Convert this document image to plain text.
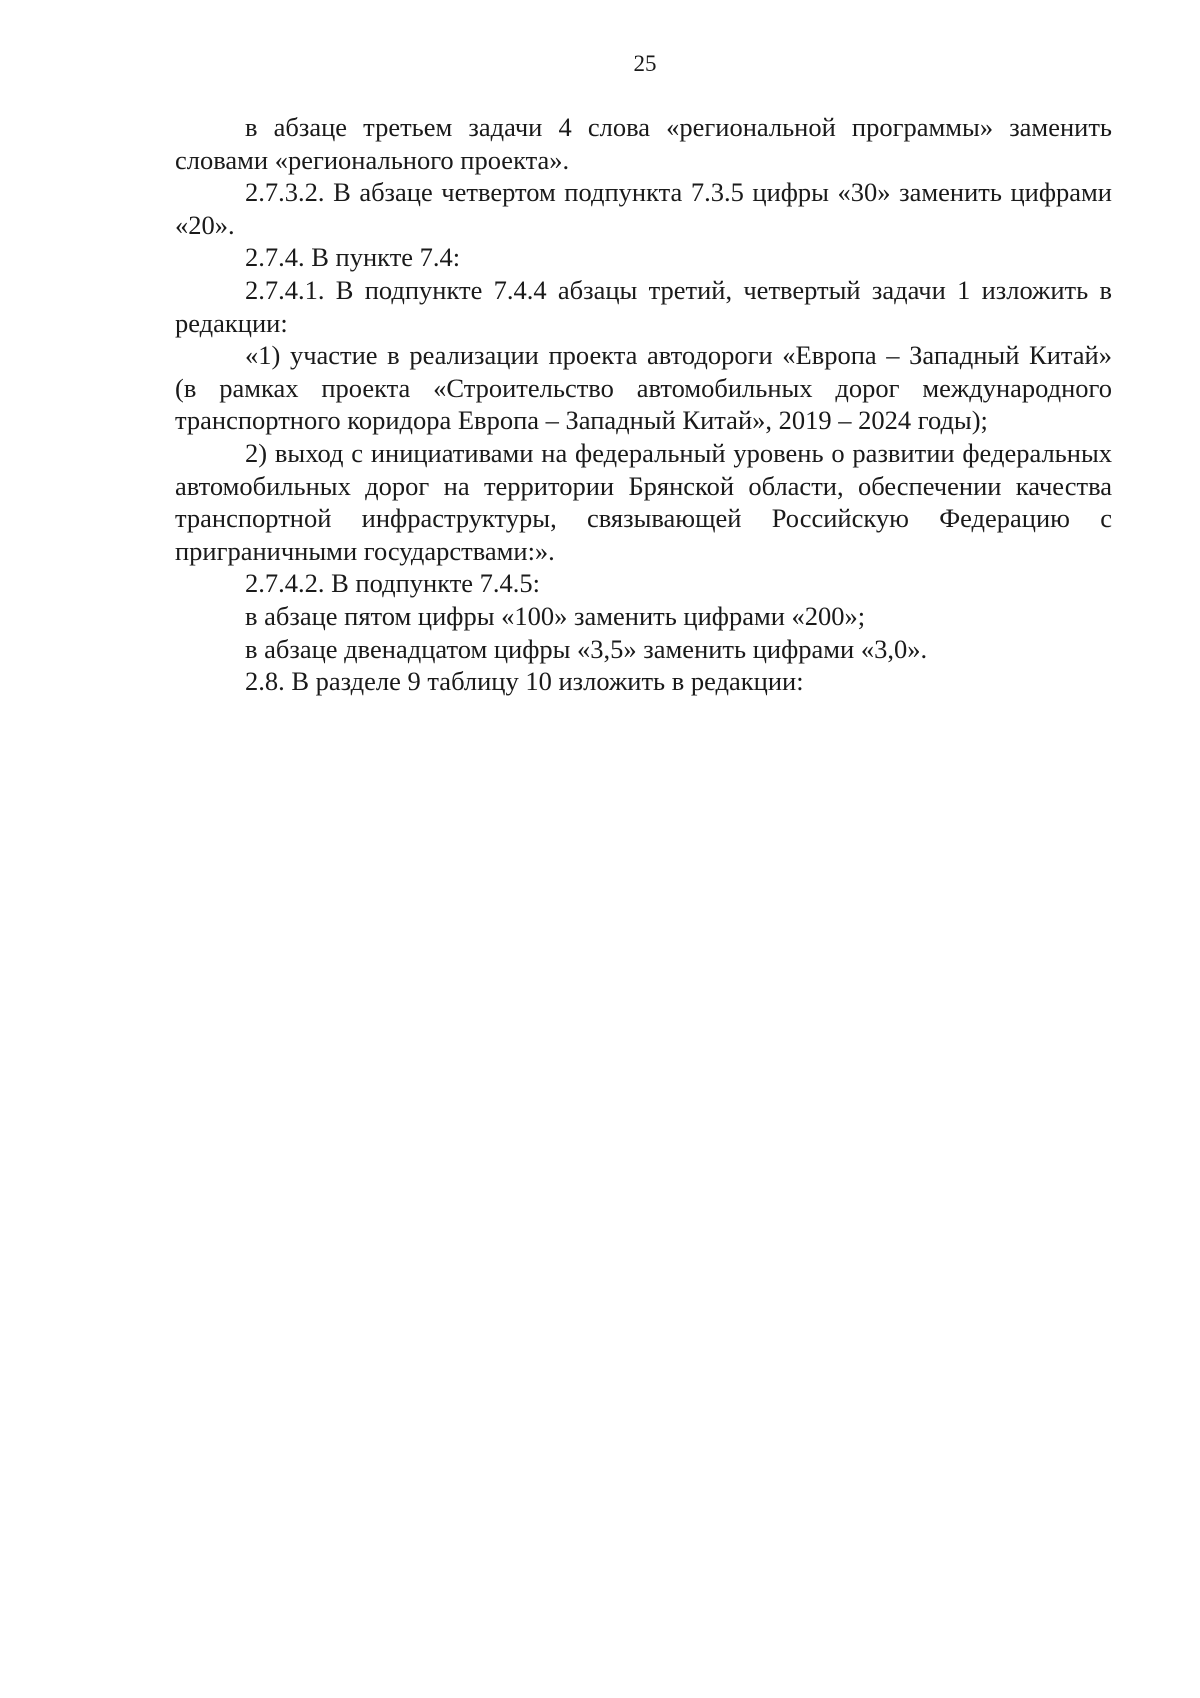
25

в абзаце третьем задачи 4 слова «региональной программы» заменить словами «регионального проекта».

2.7.3.2. В абзаце четвертом подпункта 7.3.5 цифры «30» заменить цифрами «20».

2.7.4. В пункте 7.4:

2.7.4.1. В подпункте 7.4.4 абзацы третий, четвертый задачи 1 изложить в редакции:

«1) участие в реализации проекта автодороги «Европа – Западный Китай» (в рамках проекта «Строительство автомобильных дорог международного транспортного коридора Европа – Западный Китай», 2019 – 2024 годы);

2) выход с инициативами на федеральный уровень о развитии федеральных автомобильных дорог на территории Брянской области, обеспечении качества транспортной инфраструктуры, связывающей Российскую Федерацию с приграничными государствами:».

2.7.4.2. В подпункте 7.4.5:

в абзаце пятом цифры «100» заменить цифрами «200»;

в абзаце двенадцатом цифры «3,5» заменить цифрами «3,0».

2.8. В разделе 9 таблицу 10 изложить в редакции:
